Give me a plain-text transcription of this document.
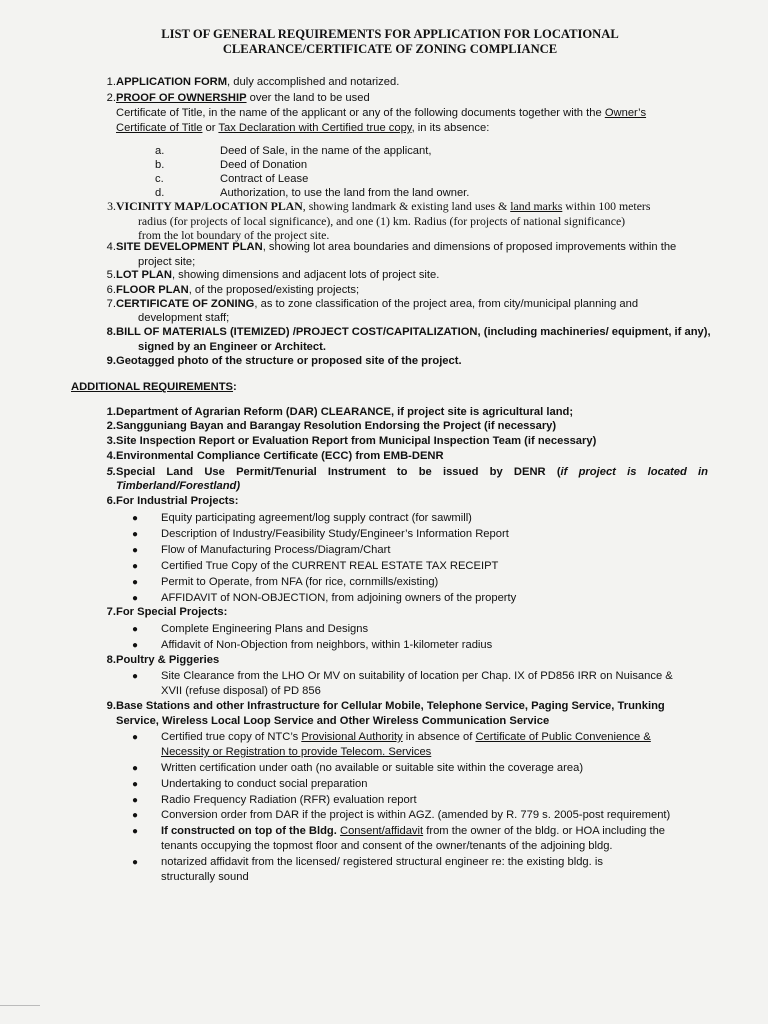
LIST OF GENERAL REQUIREMENTS FOR APPLICATION FOR LOCATIONAL
CLEARANCE/CERTIFICATE OF ZONING COMPLIANCE
1. APPLICATION FORM, duly accomplished and notarized.
2. PROOF OF OWNERSHIP over the land to be used
Certificate of Title, in the name of the applicant or any of the following documents together with the Owner’s
Certificate of Title or Tax Declaration with Certified true copy, in its absence:
a.	Deed of Sale, in the name of the applicant,
b.	Deed of Donation
c.	Contract of Lease
d.	Authorization, to use the land from the land owner.
3. VICINITY MAP/LOCATION PLAN, showing landmark & existing land uses & land marks within 100 meters
radius (for projects of local significance), and one (1) km. Radius (for projects of national significance)
from the lot boundary of the project site.
4. SITE DEVELOPMENT PLAN, showing lot area boundaries and dimensions of proposed improvements within the
project site;
5. LOT PLAN, showing dimensions and adjacent lots of project site.
6. FLOOR PLAN, of the proposed/existing projects;
7. CERTIFICATE OF ZONING, as to zone classification of the project area, from city/municipal planning and
development staff;
8. BILL OF MATERIALS (ITEMIZED) /PROJECT COST/CAPITALIZATION, (including machineries/ equipment, if any),
signed by an Engineer or Architect.
9. Geotagged photo of the structure or proposed site of the project.
ADDITIONAL REQUIREMENTS:
1. Department of Agrarian Reform (DAR) CLEARANCE, if project site is agricultural land;
2. Sangguniang Bayan and Barangay Resolution Endorsing the Project (if necessary)
3. Site Inspection Report or Evaluation Report from Municipal Inspection Team (if necessary)
4. Environmental Compliance Certificate (ECC) from EMB-DENR
5. Special Land Use Permit/Tenurial Instrument to be issued by DENR (if project is located in
Timberland/Forestland)
6. For Industrial Projects:
● Equity participating agreement/log supply contract (for sawmill)
● Description of Industry/Feasibility Study/Engineer’s Information Report
● Flow of Manufacturing Process/Diagram/Chart
● Certified True Copy of the CURRENT REAL ESTATE TAX RECEIPT
● Permit to Operate, from NFA (for rice, cornmills/existing)
● AFFIDAVIT of NON-OBJECTION, from adjoining owners of the property
7. For Special Projects:
● Complete Engineering Plans and Designs
● Affidavit of Non-Objection from neighbors, within 1-kilometer radius
8. Poultry & Piggeries
● Site Clearance from the LHO Or MV on suitability of location per Chap. IX of PD856 IRR on Nuisance &
XVII (refuse disposal) of PD 856
9. Base Stations and other Infrastructure for Cellular Mobile, Telephone Service, Paging Service, Trunking
Service, Wireless Local Loop Service and Other Wireless Communication Service
● Certified true copy of NTC’s Provisional Authority in absence of Certificate of Public Convenience &
Necessity or Registration to provide Telecom. Services
● Written certification under oath (no available or suitable site within the coverage area)
● Undertaking to conduct social preparation
● Radio Frequency Radiation (RFR) evaluation report
● Conversion order from DAR if the project is within AGZ. (amended by R. 779 s. 2005-post requirement)
● If constructed on top of the Bldg. Consent/affidavit from the owner of the bldg. or HOA including the
tenants occupying the topmost floor and consent of the owner/tenants of the adjoining bldg.
● notarized affidavit from the licensed/ registered structural engineer re: the existing bldg. is
structurally sound
